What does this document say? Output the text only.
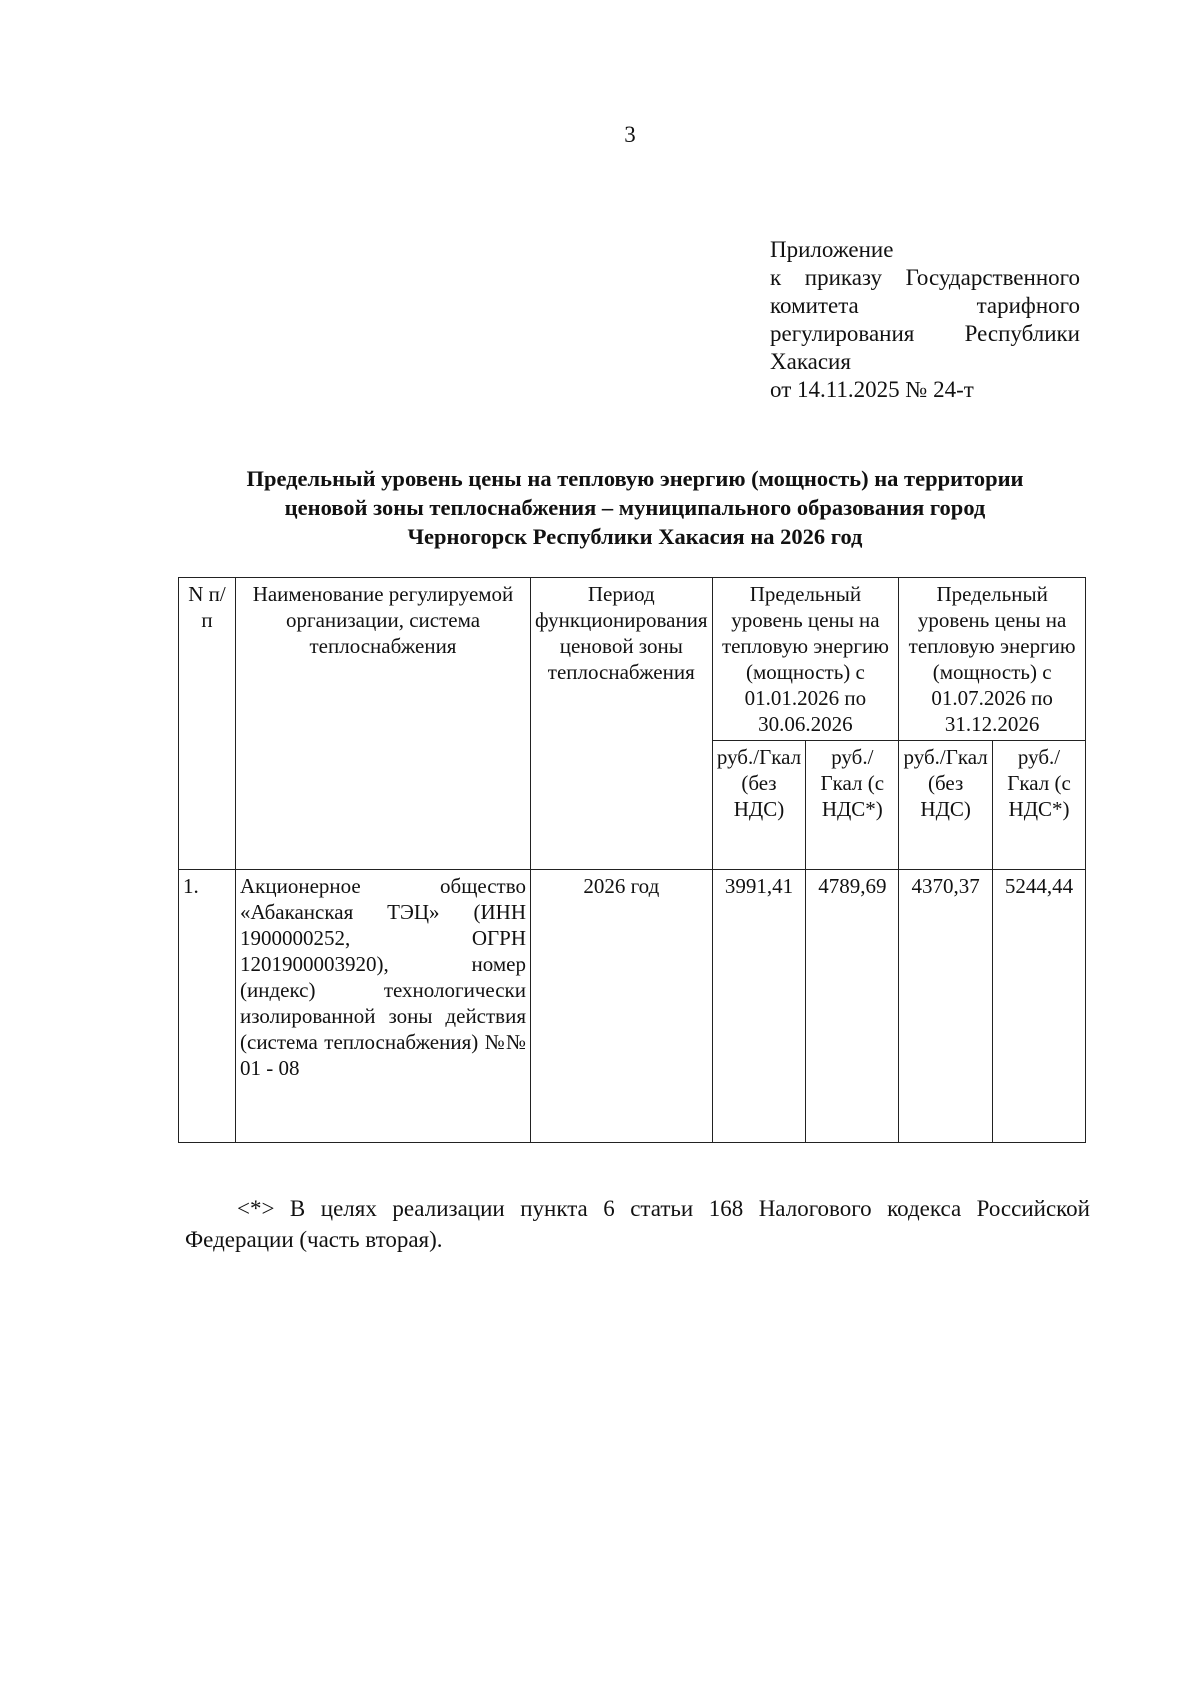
3
Приложение
к приказу Государственного
комитета тарифного
регулирования Республики
Хакасия
от 14.11.2025 № 24-т
Предельный уровень цены на тепловую энергию (мощность) на территории
ценовой зоны теплоснабжения – муниципального образования город
Черногорск Республики Хакасия на 2026 год
N п/п	Наименование регулируемой организации, система теплоснабжения	Период функционирования ценовой зоны теплоснабжения	Предельный уровень цены на тепловую энергию (мощность) с 01.01.2026 по 30.06.2026		Предельный уровень цены на тепловую энергию (мощность) с 01.07.2026 по 31.12.2026	
			руб./Гкал (без НДС)	руб./Гкал (с НДС*)	руб./Гкал (без НДС)	руб./Гкал (с НДС*)
1.	Акционерное общество «Абаканская ТЭЦ» (ИНН 1900000252, ОГРН 1201900003920), номер (индекс) технологически изолированной зоны действия (система теплоснабжения) №№ 01 - 08	2026 год	3991,41	4789,69	4370,37	5244,44
<*> В целях реализации пункта 6 статьи 168 Налогового кодекса Российской Федерации (часть вторая).
